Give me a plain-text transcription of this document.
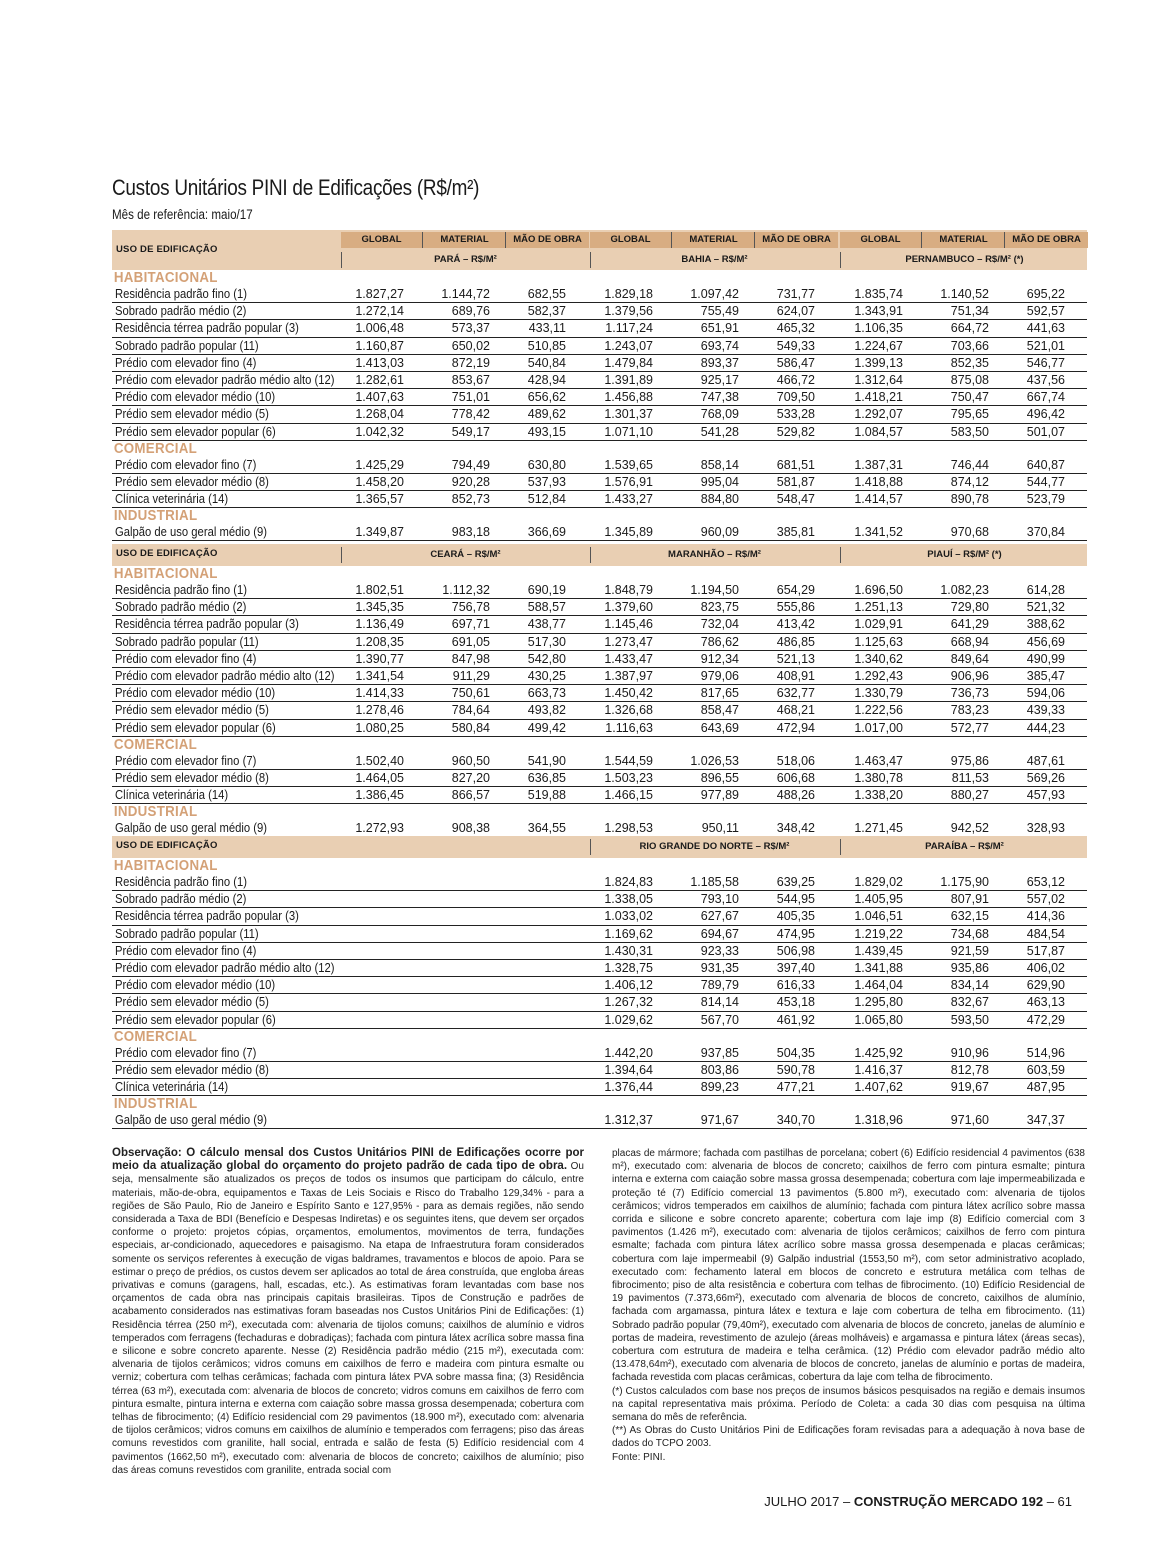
Custos Unitários PINI de Edificações (R$/m²)
Mês de referência: maio/17
USO DE EDIFICAÇÃO
GLOBAL	MATERIAL	MÃO DE OBRA	GLOBAL	MATERIAL	MÃO DE OBRA	GLOBAL	MATERIAL	MÃO DE OBRA
PARÁ – R$/M²	BAHIA – R$/M²	PERNAMBUCO – R$/M² (*)
HABITACIONAL
Residência padrão fino (1)	1.827,27	1.144,72	682,55	1.829,18	1.097,42	731,77	1.835,74	1.140,52	695,22
Sobrado padrão médio (2)	1.272,14	689,76	582,37	1.379,56	755,49	624,07	1.343,91	751,34	592,57
Residência térrea padrão popular (3)	1.006,48	573,37	433,11	1.117,24	651,91	465,32	1.106,35	664,72	441,63
Sobrado padrão popular (11)	1.160,87	650,02	510,85	1.243,07	693,74	549,33	1.224,67	703,66	521,01
Prédio com elevador fino (4)	1.413,03	872,19	540,84	1.479,84	893,37	586,47	1.399,13	852,35	546,77
Prédio com elevador padrão médio alto (12) 1.282,61	853,67	428,94	1.391,89	925,17	466,72	1.312,64	875,08	437,56
Prédio com elevador médio (10)	1.407,63	751,01	656,62	1.456,88	747,38	709,50	1.418,21	750,47	667,74
Prédio sem elevador médio (5)	1.268,04	778,42	489,62	1.301,37	768,09	533,28	1.292,07	795,65	496,42
Prédio sem elevador popular (6)	1.042,32	549,17	493,15	1.071,10	541,28	529,82	1.084,57	583,50	501,07
COMERCIAL
Prédio com elevador fino (7)	1.425,29	794,49	630,80	1.539,65	858,14	681,51	1.387,31	746,44	640,87
Prédio sem elevador médio (8)	1.458,20	920,28	537,93	1.576,91	995,04	581,87	1.418,88	874,12	544,77
Clínica veterinária (14)	1.365,57	852,73	512,84	1.433,27	884,80	548,47	1.414,57	890,78	523,79
INDUSTRIAL
Galpão de uso geral médio (9)	1.349,87	983,18	366,69	1.345,89	960,09	385,81	1.341,52	970,68	370,84
USO DE EDIFICAÇÃO	CEARÁ – R$/M²	MARANHÃO – R$/M²	PIAUÍ – R$/M² (*)
HABITACIONAL
Residência padrão fino (1)	1.802,51	1.112,32	690,19	1.848,79	1.194,50	654,29	1.696,50	1.082,23	614,28
Sobrado padrão médio (2)	1.345,35	756,78	588,57	1.379,60	823,75	555,86	1.251,13	729,80	521,32
Residência térrea padrão popular (3)	1.136,49	697,71	438,77	1.145,46	732,04	413,42	1.029,91	641,29	388,62
Sobrado padrão popular (11)	1.208,35	691,05	517,30	1.273,47	786,62	486,85	1.125,63	668,94	456,69
Prédio com elevador fino (4)	1.390,77	847,98	542,80	1.433,47	912,34	521,13	1.340,62	849,64	490,99
Prédio com elevador padrão médio alto (12) 1.341,54	911,29	430,25	1.387,97	979,06	408,91	1.292,43	906,96	385,47
Prédio com elevador médio (10)	1.414,33	750,61	663,73	1.450,42	817,65	632,77	1.330,79	736,73	594,06
Prédio sem elevador médio (5)	1.278,46	784,64	493,82	1.326,68	858,47	468,21	1.222,56	783,23	439,33
Prédio sem elevador popular (6)	1.080,25	580,84	499,42	1.116,63	643,69	472,94	1.017,00	572,77	444,23
COMERCIAL
Prédio com elevador fino (7)	1.502,40	960,50	541,90	1.544,59	1.026,53	518,06	1.463,47	975,86	487,61
Prédio sem elevador médio (8)	1.464,05	827,20	636,85	1.503,23	896,55	606,68	1.380,78	811,53	569,26
Clínica veterinária (14)	1.386,45	866,57	519,88	1.466,15	977,89	488,26	1.338,20	880,27	457,93
INDUSTRIAL
Galpão de uso geral médio (9)	1.272,93	908,38	364,55	1.298,53	950,11	348,42	1.271,45	942,52	328,93
USO DE EDIFICAÇÃO	RIO GRANDE DO NORTE – R$/M²	PARAÍBA – R$/M²
HABITACIONAL
Residência padrão fino (1)	1.824,83	1.185,58	639,25	1.829,02	1.175,90	653,12
Sobrado padrão médio (2)	1.338,05	793,10	544,95	1.405,95	807,91	557,02
Residência térrea padrão popular (3)	1.033,02	627,67	405,35	1.046,51	632,15	414,36
Sobrado padrão popular (11)	1.169,62	694,67	474,95	1.219,22	734,68	484,54
Prédio com elevador fino (4)	1.430,31	923,33	506,98	1.439,45	921,59	517,87
Prédio com elevador padrão médio alto (12)	1.328,75	931,35	397,40	1.341,88	935,86	406,02
Prédio com elevador médio (10)	1.406,12	789,79	616,33	1.464,04	834,14	629,90
Prédio sem elevador médio (5)	1.267,32	814,14	453,18	1.295,80	832,67	463,13
Prédio sem elevador popular (6)	1.029,62	567,70	461,92	1.065,80	593,50	472,29
COMERCIAL
Prédio com elevador fino (7)	1.442,20	937,85	504,35	1.425,92	910,96	514,96
Prédio sem elevador médio (8)	1.394,64	803,86	590,78	1.416,37	812,78	603,59
Clínica veterinária (14)	1.376,44	899,23	477,21	1.407,62	919,67	487,95
INDUSTRIAL
Galpão de uso geral médio (9)	1.312,37	971,67	340,70	1.318,96	971,60	347,37
Observação: O cálculo mensal dos Custos Unitários PINI de Edificações ocorre por meio da atualização global do orçamento do projeto padrão de cada tipo de obra. Ou seja, mensalmente são atualizados os preços de todos os insumos que participam do cálculo, entre materiais, mão-de-obra, equipamentos e Taxas de Leis Sociais e Risco do Trabalho 129,34% - para a regiões de São Paulo, Rio de Janeiro e Espírito Santo e 127,95% - para as demais regiões, não sendo considerada a Taxa de BDI (Benefício e Despesas Indiretas) e os seguintes itens, que devem ser orçados conforme o projeto: projetos cópias, orçamentos, emolumentos, movimentos de terra, fundações especiais, ar-condicionado, aquecedores e paisagismo. Na etapa de Infraestrutura foram considerados somente os serviços referentes à execução de vigas baldrames, travamentos e blocos de apoio. Para se estimar o preço de prédios, os custos devem ser aplicados ao total de área construída, que engloba áreas privativas e comuns (garagens, hall, escadas, etc.). As estimativas foram levantadas com base nos orçamentos de cada obra nas principais capitais brasileiras. Tipos de Construção e padrões de acabamento considerados nas estimativas foram baseadas nos Custos Unitários Pini de Edificações: (1) Residência térrea (250 m²), executada com: alvenaria de tijolos comuns; caixilhos de alumínio e vidros temperados com ferragens (fechaduras e dobradiças); fachada com pintura látex acrílica sobre massa fina e silicone e sobre concreto aparente. Nesse (2) Residência padrão médio (215 m²), executada com: alvenaria de tijolos cerâmicos; vidros comuns em caixilhos de ferro e madeira com pintura esmalte ou verniz; cobertura com telhas cerâmicas; fachada com pintura látex PVA sobre massa fina; (3) Residência térrea (63 m²), executada com: alvenaria de blocos de concreto; vidros comuns em caixilhos de ferro com pintura esmalte, pintura interna e externa com caiação sobre massa grossa desempenada; cobertura com telhas de fibrocimento; (4) Edifício residencial com 29 pavimentos (18.900 m²), executado com: alvenaria de tijolos cerâmicos; vidros comuns em caixilhos de alumínio e temperados com ferragens; piso das áreas comuns revestidos com granilite, hall social, entrada e salão de festa (5) Edifício residencial com 4 pavimentos (1662,50 m²), executado com: alvenaria de blocos de concreto; caixilhos de alumínio; piso das áreas comuns revestidos com granilite, entrada social com
placas de mármore; fachada com pastilhas de porcelana; cobert (6) Edifício residencial 4 pavimentos (638 m²), executado com: alvenaria de blocos de concreto; caixilhos de ferro com pintura esmalte; pintura interna e externa com caiação sobre massa grossa desempenada; cobertura com laje impermeabilizada e proteção té (7) Edifício comercial 13 pavimentos (5.800 m²), executado com: alvenaria de tijolos cerâmicos; vidros temperados em caixilhos de alumínio; fachada com pintura látex acrílico sobre massa corrida e silicone e sobre concreto aparente; cobertura com laje imp (8) Edifício comercial com 3 pavimentos (1.426 m²), executado com: alvenaria de tijolos cerâmicos; caixilhos de ferro com pintura esmalte; fachada com pintura látex acrílico sobre massa grossa desempenada e placas cerâmicas; cobertura com laje impermeabil (9) Galpão industrial (1553,50 m²), com setor administrativo acoplado, executado com: fechamento lateral em blocos de concreto e estrutura metálica com telhas de fibrocimento; piso de alta resistência e cobertura com telhas de fibrocimento. (10) Edifício Residencial de 19 pavimentos (7.373,66m²), executado com alvenaria de blocos de concreto, caixilhos de alumínio, fachada com argamassa, pintura látex e textura e laje com cobertura de telha em fibrocimento. (11) Sobrado padrão popular (79,40m²), executado com alvenaria de blocos de concreto, janelas de alumínio e portas de madeira, revestimento de azulejo (áreas molháveis) e argamassa e pintura látex (áreas secas), cobertura com estrutura de madeira e telha cerâmica. (12) Prédio com elevador padrão médio alto (13.478,64m²), executado com alvenaria de blocos de concreto, janelas de alumínio e portas de madeira, fachada revestida com placas cerâmicas, cobertura da laje com telha de fibrocimento.
(*) Custos calculados com base nos preços de insumos básicos pesquisados na região e demais insumos na capital representativa mais próxima. Período de Coleta: a cada 30 dias com pesquisa na última semana do mês de referência.
(**) As Obras do Custo Unitários Pini de Edificações foram revisadas para a adequação à nova base de dados do TCPO 2003.
Fonte: PINI.
JULHO 2017 – CONSTRUÇÃO MERCADO 192 – 61
